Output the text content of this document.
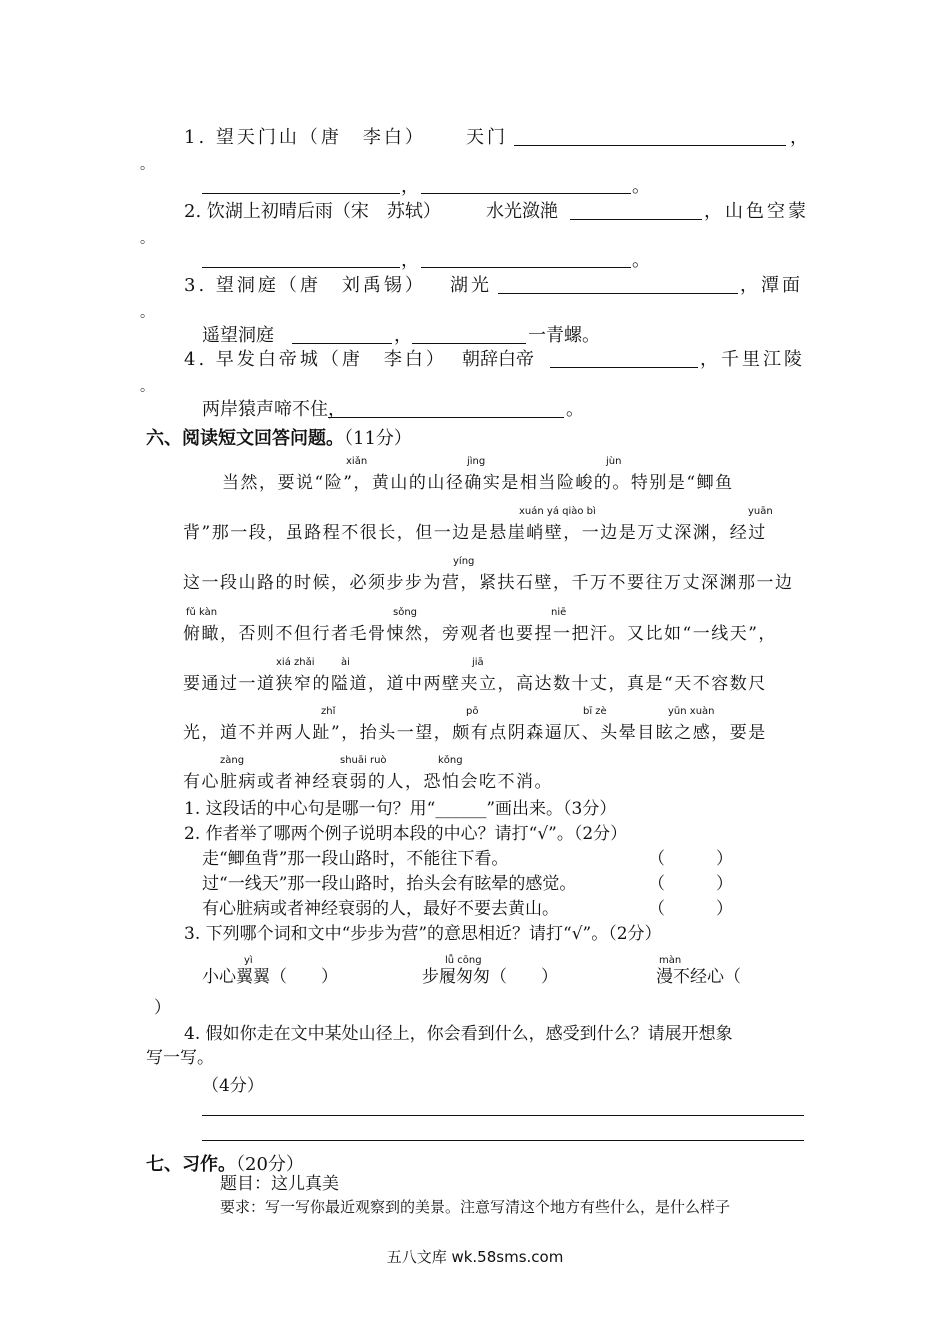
1. 望天门山（唐　李白） 天门	，
。
，	。
2. 饮湖上初晴后雨（宋　苏轼）	水光潋滟	，山色空蒙
。
，	。
3. 望洞庭（唐　刘禹锡） 湖光	，潭面
。
遥望洞庭	，	一青螺。
4. 早发白帝城（唐　李白） 朝辞白帝	，千里江陵
。
两岸猿声啼不住，	。
六、阅读短文回答问题。（11分）
当然，要说“险”，黄山的山径确实是相当险峻的。特别是“鲫鱼
背”那一段，虽路程不很长，但一边是悬崖峭壁，一边是万丈深渊，经过
这一段山路的时候，必须步步为营，紧扶石壁，千万不要往万丈深渊那一边
俯瞰，否则不但行者毛骨悚然，旁观者也要捏一把汗。又比如“一线天”，
要通过一道狭窄的隘道，道中两壁夹立，高达数十丈，真是“天不容数尺
光，道不并两人趾”，抬头一望，颇有点阴森逼仄、头晕目眩之感，要是
有心脏病或者神经衰弱的人，恐怕会吃不消。
xiǎn	jìng	jùn
xuán yá qiào bì	yuān
yíng
fǔ kàn	sǒng	niē
xiá zhǎi	ài	jiā
zhǐ	pō	bī zè	yūn xuàn
zàng	shuāi ruò	kǒng
1. 这段话的中心句是哪一句？用“______”画出来。（3分）
2. 作者举了哪两个例子说明本段的中心？请打“√”。（2分）
走“鲫鱼背”那一段山路时，不能往下看。	（　　　）
过“一线天”那一段山路时，抬头会有眩晕的感觉。	（　　　）
有心脏病或者神经衰弱的人，最好不要去黄山。	（　　　）
3. 下列哪个词和文中“步步为营”的意思相近？请打“√”。（2分）
yì
小心翼翼（　　）
lǚ cōng
步履匆匆（　　）
màn
漫不经心（
）
4. 假如你走在文中某处山径上，你会看到什么，感受到什么？请展开想象
写一写。
（4分）
七、习作。（20分）
题目：这儿真美
要求：写一写你最近观察到的美景。注意写清这个地方有些什么，是什么样子
五八文库 wk.58sms.com
